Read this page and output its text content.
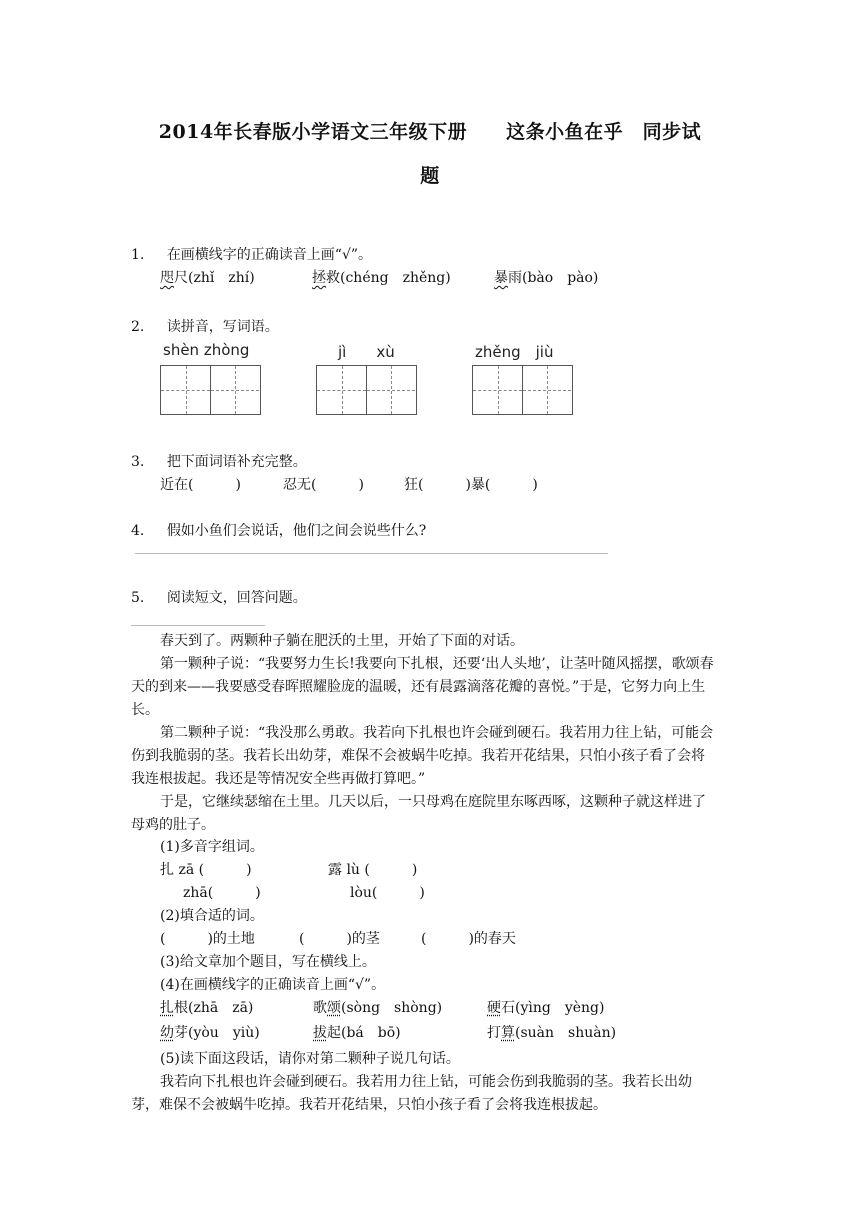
2014年长春版小学语文三年级下册　　这条小鱼在乎　同步试
题
1. 在画横线字的正确读音上画“√”。
咫尺(zhǐ　zhí)	拯救(chéng　zhěng)	暴雨(bào　pào)
2. 读拼音，写词语。
shèn zhòng	jì　　xù	zhěng　jiù
3. 把下面词语补充完整。
近在(　　　)	忍无(　　　)	狂(　　　)暴(　　　)
4. 假如小鱼们会说话，他们之间会说些什么?
5. 阅读短文，回答问题。
春天到了。两颗种子躺在肥沃的土里，开始了下面的对话。
第一颗种子说：“我要努力生长!我要向下扎根，还要‘出人头地’，让茎叶随风摇摆，歌颂春天的到来——我要感受春晖照耀脸庞的温暖，还有晨露滴落花瓣的喜悦。”于是，它努力向上生长。
第二颗种子说：“我没那么勇敢。我若向下扎根也许会碰到硬石。我若用力往上钻，可能会伤到我脆弱的茎。我若长出幼芽，难保不会被蜗牛吃掉。我若开花结果，只怕小孩子看了会将我连根拔起。我还是等情况安全些再做打算吧。”
于是，它继续瑟缩在土里。几天以后，一只母鸡在庭院里东啄西啄，这颗种子就这样进了母鸡的肚子。
(1)多音字组词。
扎 zā (　　　)	露 lù (　　　)
zhā(　　　)	lòu(　　　)
(2)填合适的词。
(　　　)的土地	(　　　)的茎	(　　　)的春天
(3)给文章加个题目，写在横线上。
(4)在画横线字的正确读音上画“√”。
扎根(zhā　zā)	歌颂(sòng　shòng)	硬石(yìng　yèng)
幼芽(yòu　yiù)	拔起(bá　bō)	打算(suàn　shuàn)
(5)读下面这段话，请你对第二颗种子说几句话。
我若向下扎根也许会碰到硬石。我若用力往上钻，可能会伤到我脆弱的茎。我若长出幼芽，难保不会被蜗牛吃掉。我若开花结果，只怕小孩子看了会将我连根拔起。
